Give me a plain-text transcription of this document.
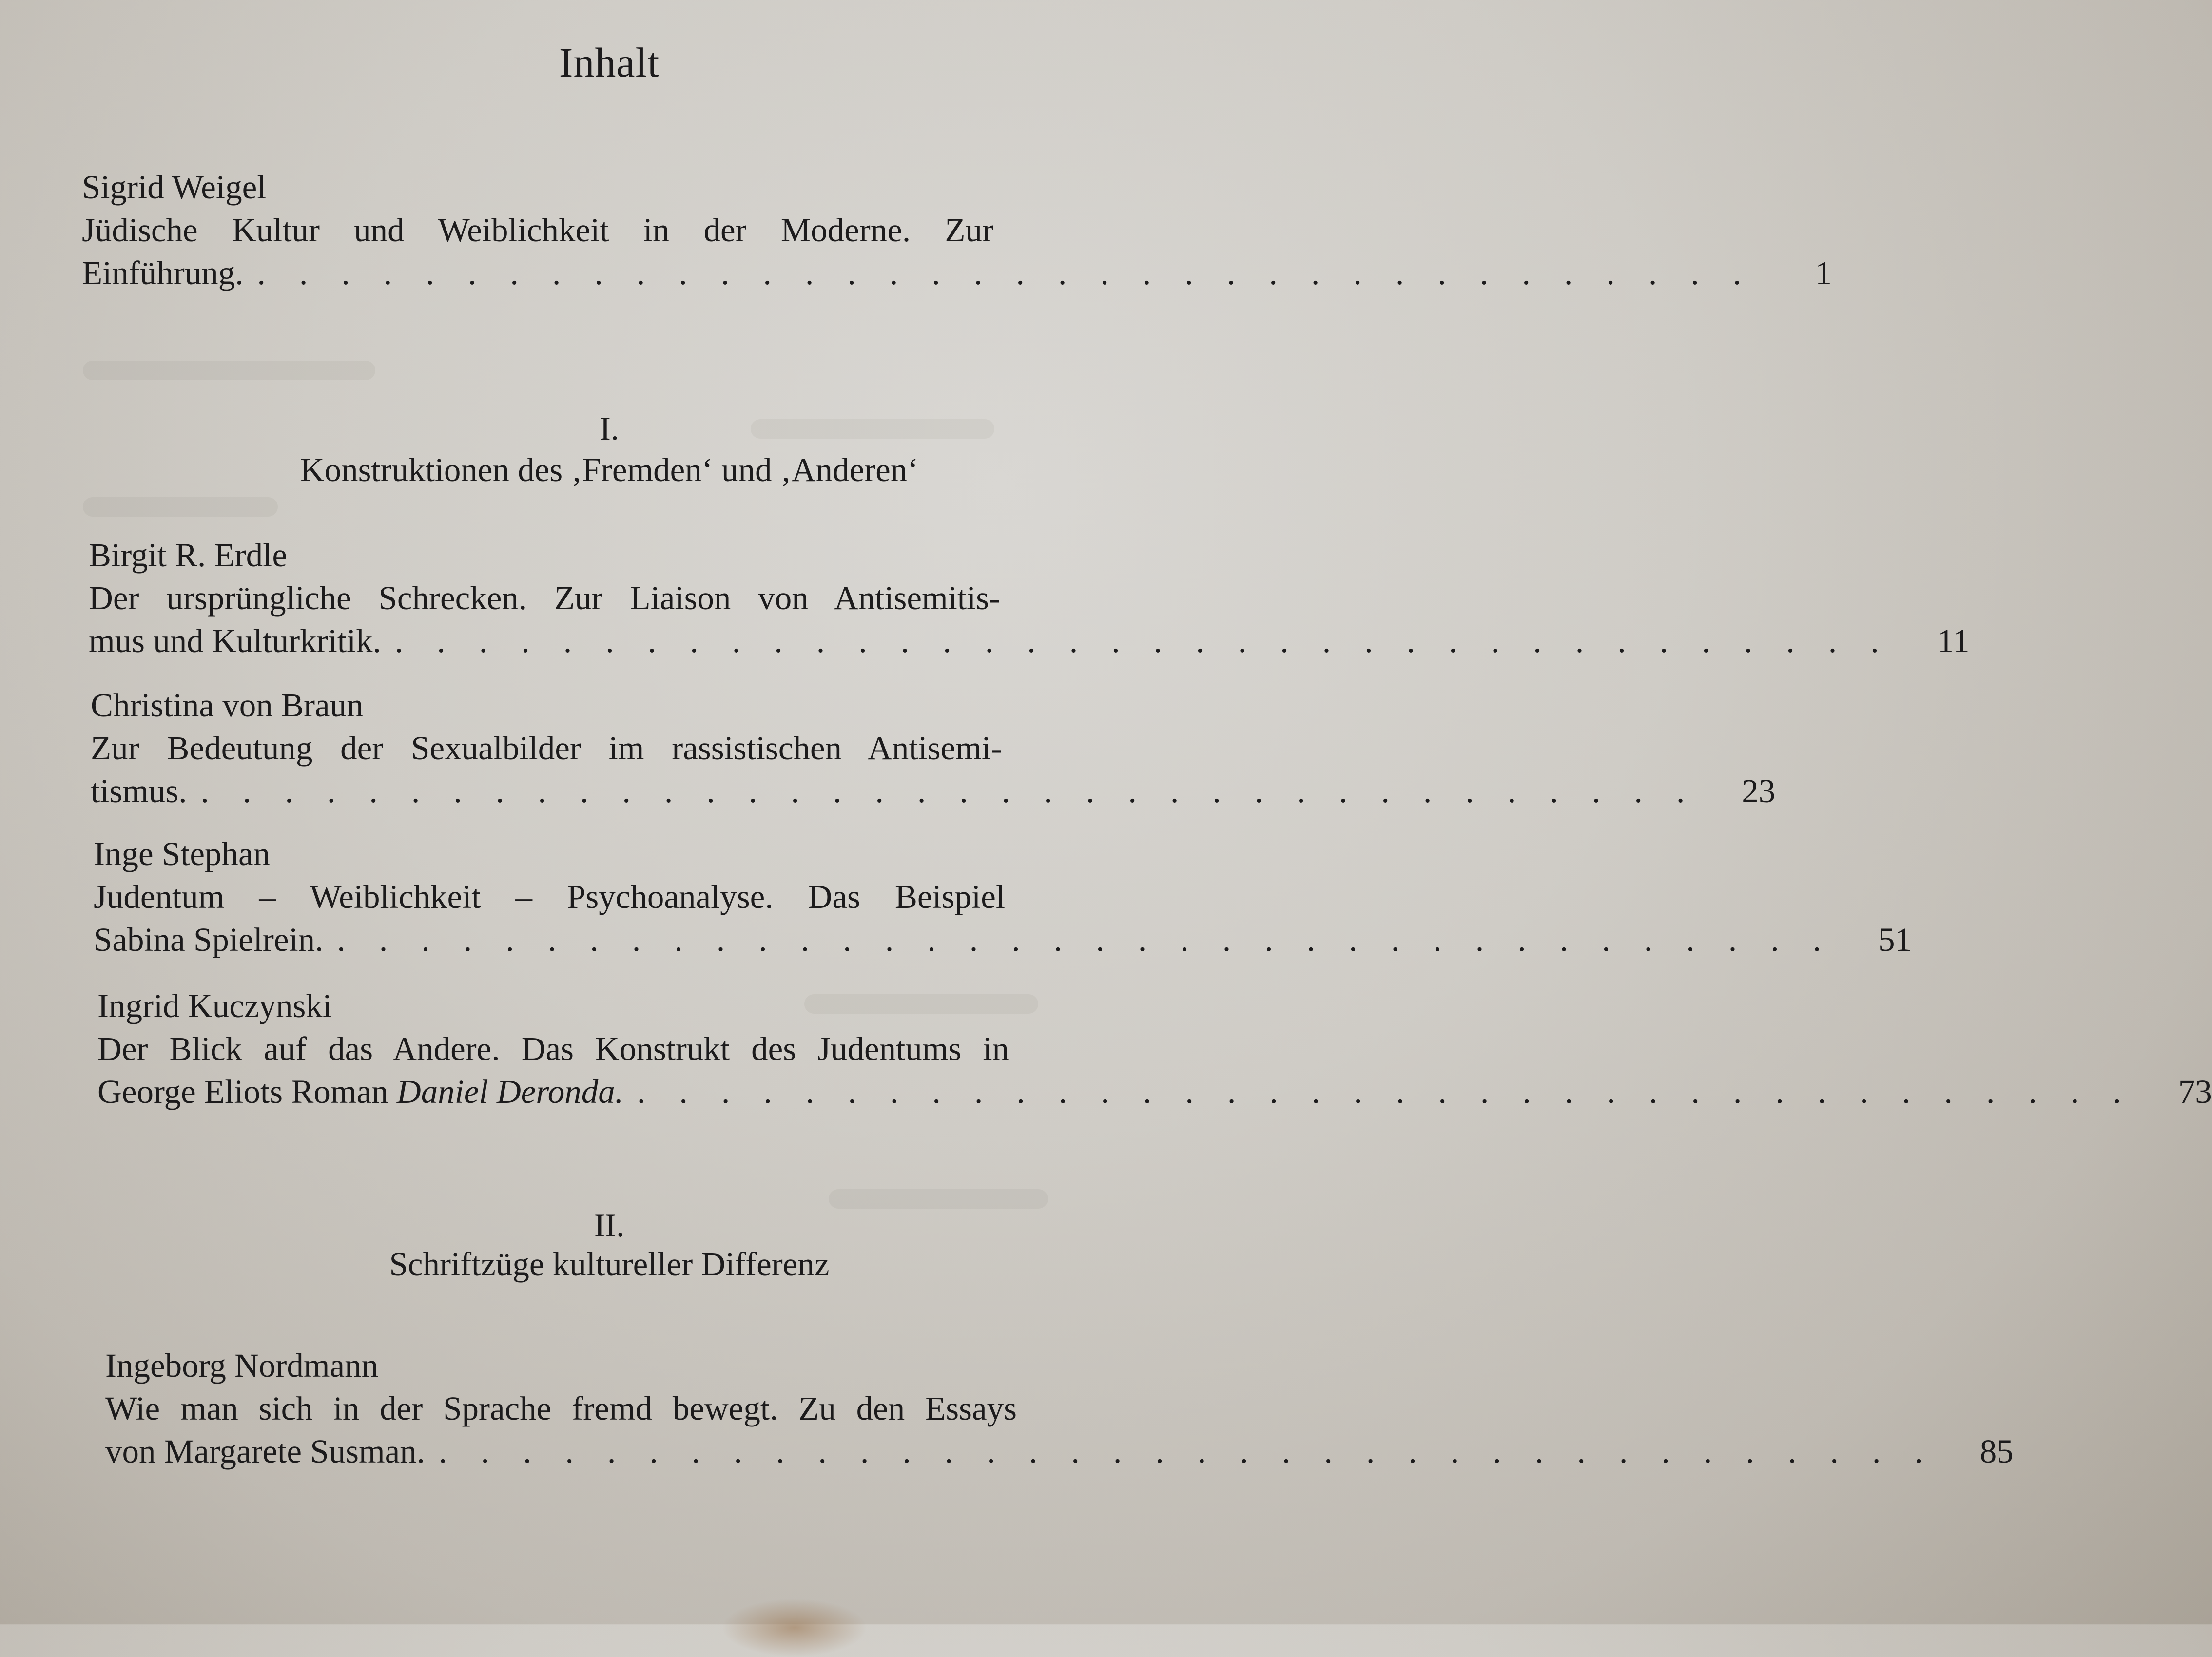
Inhalt
Sigrid Weigel
Jüdische Kultur und Weiblichkeit in der Moderne. Zur
Einführung. . . . . . . . . . . . . . . . . . . . . . . . . . . . . . . . . . . . .	1
I.
Konstruktionen des ‚Fremden‘ und ‚Anderen‘
Birgit R. Erdle
Der ursprüngliche Schrecken. Zur Liaison von Antisemitis-
mus und Kulturkritik. . . . . . . . . . . . . . . . . . . . . . . . . . . . . . . . . . . . .	11
Christina von Braun
Zur Bedeutung der Sexualbilder im rassistischen Antisemi-
tismus. . . . . . . . . . . . . . . . . . . . . . . . . . . . . . . . . . . . .	23
Inge Stephan
Judentum – Weiblichkeit – Psychoanalyse. Das Beispiel
Sabina Spielrein. . . . . . . . . . . . . . . . . . . . . . . . . . . . . . . . . . . . .	51
Ingrid Kuczynski
Der Blick auf das Andere. Das Konstrukt des Judentums in
George Eliots Roman Daniel Deronda. . . . . . . . . . . . . . . . . . . . . . . . . . . . . . . . . . . . .	73
II.
Schriftzüge kultureller Differenz
Ingeborg Nordmann
Wie man sich in der Sprache fremd bewegt. Zu den Essays
von Margarete Susman. . . . . . . . . . . . . . . . . . . . . . . . . . . . . . . . . . . . .	85
